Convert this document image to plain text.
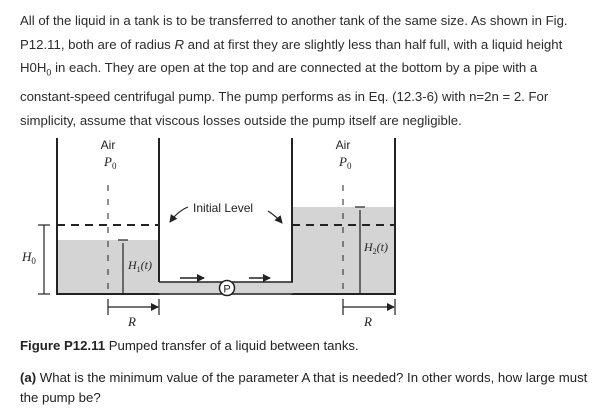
All of the liquid in a tank is to be transferred to another tank of the same size. As shown in Fig.
P12.11, both are of radius R and at first they are slightly less than half full, with a liquid height
$H0H_0$ in each. They are open at the top and are connected at the bottom by a pipe with a
constant-speed centrifugal pump. The pump performs as in Eq. (12.3-6) with n=2n = 2. For
simplicity, assume that viscous losses outside the pump itself are negligible.

P
Air
$P_0$
Air
$P_0$
Initial Level
$H_0$	$H_1(t)$
$H_2(t)$
R	R

Figure P12.11 Pumped transfer of a liquid between tanks.

(a) What is the minimum value of the parameter A that is needed? In other words, how large must the pump be?
